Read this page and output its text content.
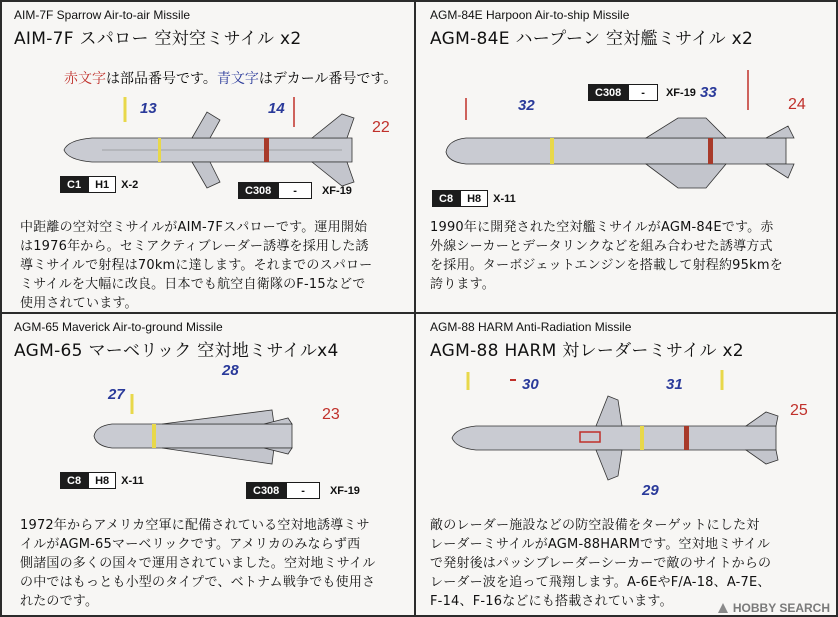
AIM-7F Sparrow Air-to-air Missile
AIM-7F スパロー 空対空ミサイル x2
赤文字は部品番号です。青文字はデカール番号です。
13	14
22
C1	H1	X-2	C308	-	XF-19
中距離の空対空ミサイルがAIM-7Fスパローです。運用開始
は1976年から。セミアクティブレーダー誘導を採用した誘
導ミサイルで射程は70kmに達します。それまでのスパロー
ミサイルを大幅に改良。日本でも航空自衛隊のF-15などで
使用されています。
AGM-84E Harpoon Air-to-ship Missile
AGM-84E ハープーン 空対艦ミサイル x2
32
33
24
C308	-	XF-19
C8	H8	X-11
1990年に開発された空対艦ミサイルがAGM-84Eです。赤
外線シーカーとデータリンクなどを組み合わせた誘導方式
を採用。ターボジェットエンジンを搭載して射程約95kmを
誇ります。
AGM-65 Maverick Air-to-ground Missile
AGM-65 マーベリック 空対地ミサイルx4
27
28
23
C8	H8	X-11
C308	-	XF-19
1972年からアメリカ空軍に配備されている空対地誘導ミサ
イルがAGM-65マーベリックです。アメリカのみならず西
側諸国の多くの国々で運用されていました。空対地ミサイル
の中ではもっとも小型のタイプで、ベトナム戦争でも使用さ
れたのです。
AGM-88 HARM Anti-Radiation Missile
AGM-88 HARM 対レーダーミサイル x2
30	31
29
25
敵のレーダー施設などの防空設備をターゲットにした対
レーダーミサイルがAGM-88HARMです。空対地ミサイル
で発射後はパッシブレーダーシーカーで敵のサイトからの
レーダー波を追って飛翔します。A-6EやF/A-18、A-7E、
F-14、F-16などにも搭載されています。	HOBBY SEARCH
